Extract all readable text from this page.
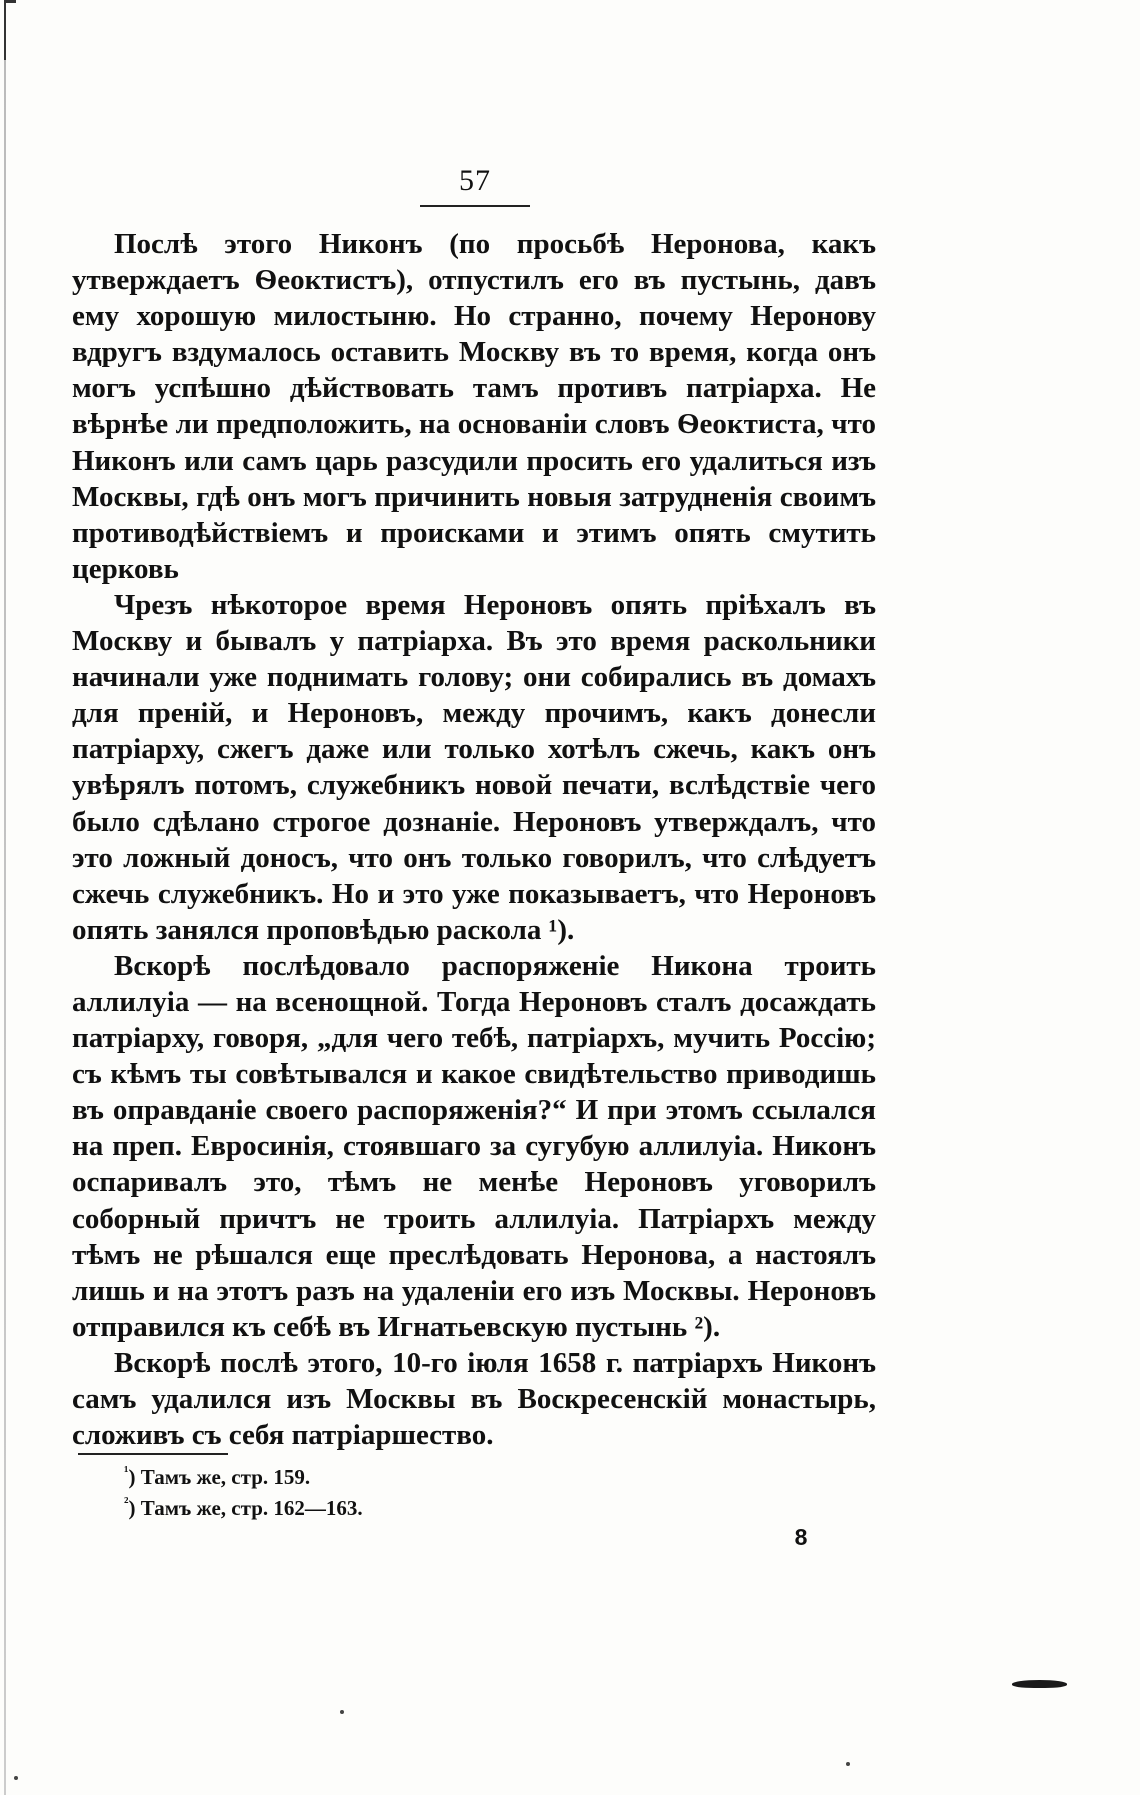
57

Послѣ этого Никонъ (по просьбѣ Неронова, какъ утверждаетъ Ѳеоктистъ), отпустилъ его въ пустынь, давъ ему хорошую милостыню. Но странно, почему Неронову вдругъ вздумалось оставить Москву въ то время, когда онъ могъ успѣшно дѣйствовать тамъ противъ патріарха. Не вѣрнѣе ли предположить, на основаніи словъ Ѳеоктиста, что Никонъ или самъ царь разсудили просить его удалиться изъ Москвы, гдѣ онъ могъ причинить новыя затрудненія своимъ противодѣйствіемъ и происками и этимъ опять смутить церковь

Чрезъ нѣкоторое время Нероновъ опять пріѣхалъ въ Москву и бывалъ у патріарха. Въ это время раскольники начинали уже поднимать голову; они собирались въ домахъ для преній, и Нероновъ, между прочимъ, какъ донесли патріарху, сжегъ даже или только хотѣлъ сжечь, какъ онъ увѣрялъ потомъ, служебникъ новой печати, вслѣдствіе чего было сдѣлано строгое дознаніе. Нероновъ утверждалъ, что это ложный доносъ, что онъ только говорилъ, что слѣдуетъ сжечь служебникъ. Но и это уже показываетъ, что Нероновъ опять занялся проповѣдью раскола ¹).

Вскорѣ послѣдовало распоряженіе Никона троить аллилуіа — на всенощной. Тогда Нероновъ сталъ досаждать патріарху, говоря, „для чего тебѣ, патріархъ, мучить Россію; съ кѣмъ ты совѣтывался и какое свидѣтельство приводишь въ оправданіе своего распоряженія?“ И при этомъ ссылался на преп. Евросинія, стоявшаго за сугубую аллилуіа. Никонъ оспаривалъ это, тѣмъ не менѣе Нероновъ уговорилъ соборный причтъ не троить аллилуіа. Патріархъ между тѣмъ не рѣшался еще преслѣдовать Неронова, а настоялъ лишь и на этотъ разъ на удаленіи его изъ Москвы. Нероновъ отправился къ себѣ въ Игнатьевскую пустынь ²).

Вскорѣ послѣ этого, 10-го іюля 1658 г. патріархъ Никонъ самъ удалился изъ Москвы въ Воскресенскій монастырь, сложивъ съ себя патріаршество.

$^{^1}$) Тамъ же, стр. 159.

$^{^2}$) Тамъ же, стр. 162—163.

8
